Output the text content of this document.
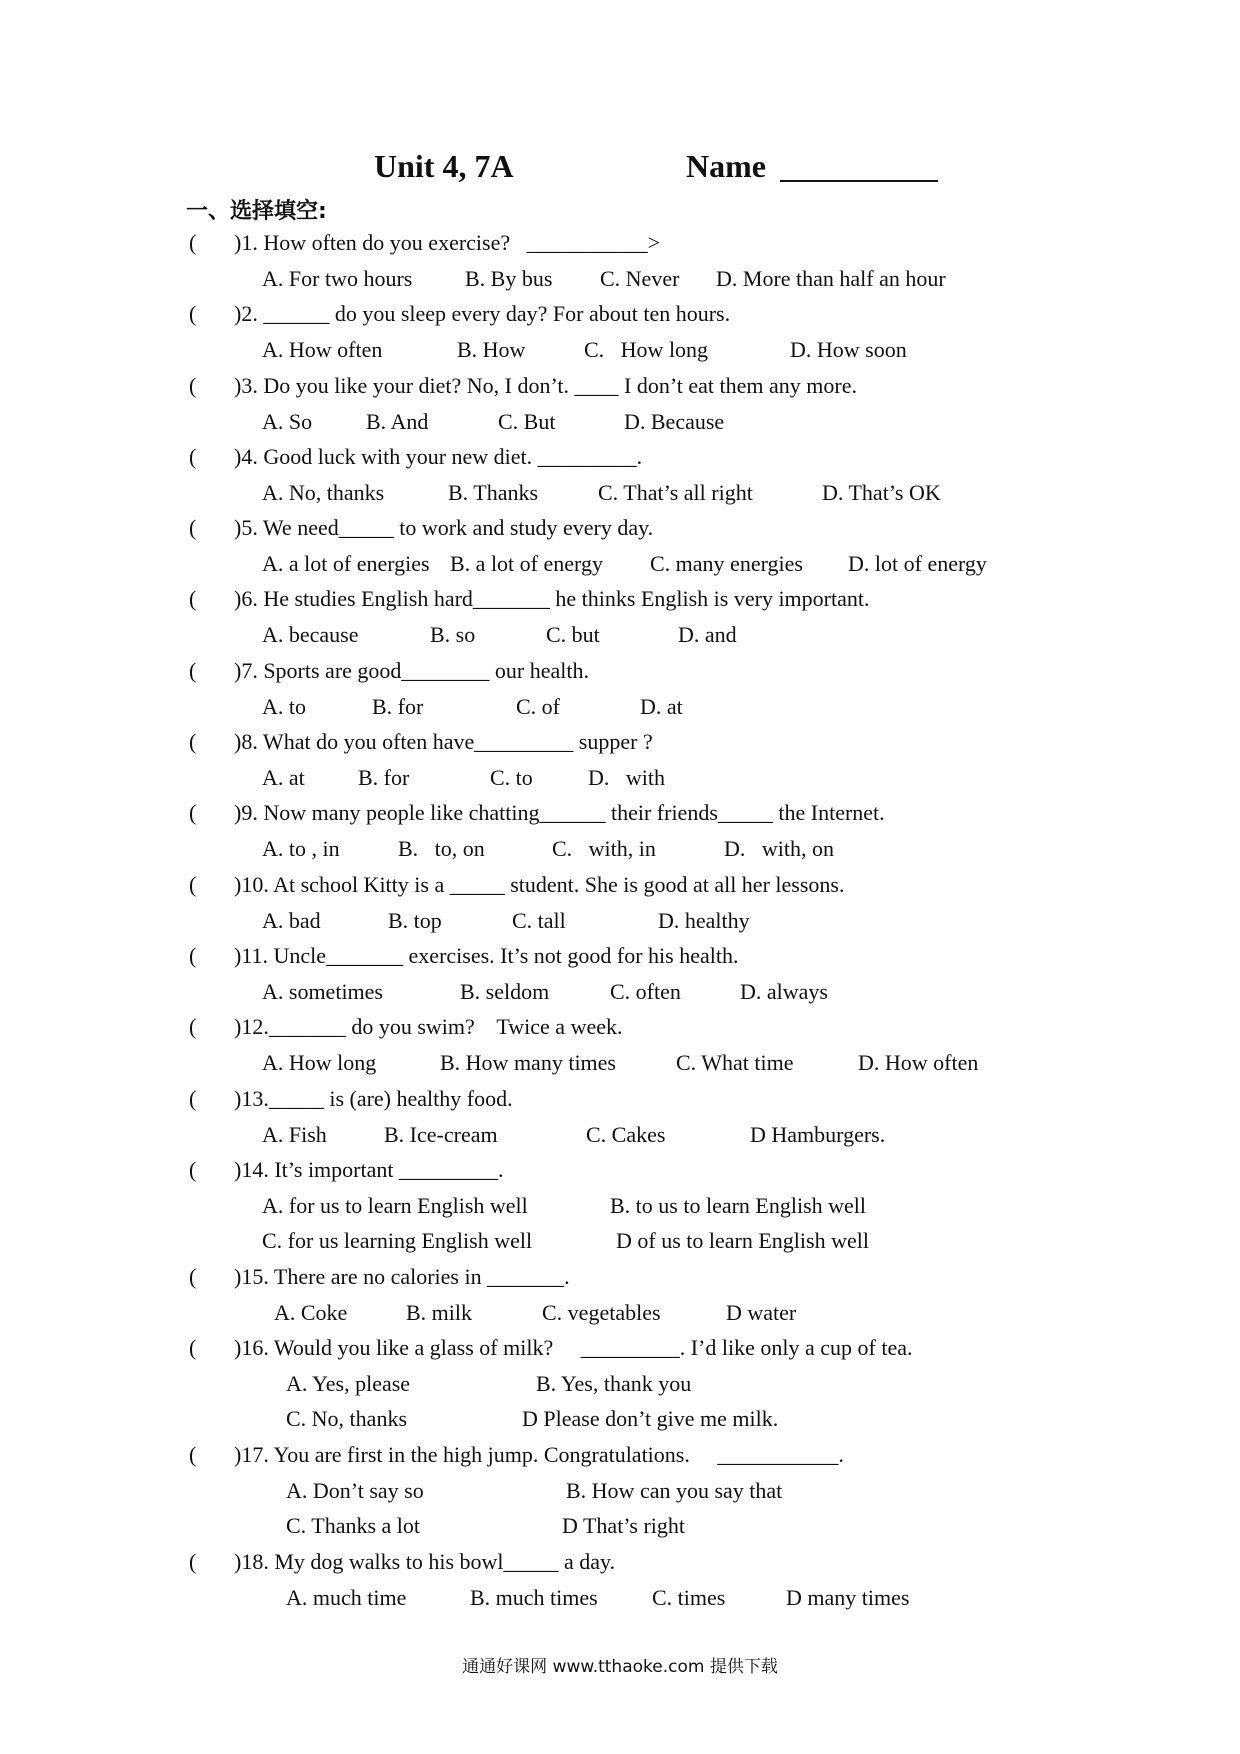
Unit 4, 7A	Name
一、选择填空:
( )1. How often do you exercise?   ___________>
A. For two hours B. By bus C. Never D. More than half an hour
( )2. ______ do you sleep every day? For about ten hours.
A. How often	B. How	C.   How long	D. How soon
( )3. Do you like your diet? No, I don’t. ____ I don’t eat them any more.
A. So B. And	C. But	D. Because
( )4. Good luck with your new diet. _________.
A. No, thanks	B. Thanks	C. That’s all right	D. That’s OK
( )5. We need_____ to work and study every day.
A. a lot of energies B. a lot of energy C. many energies D. lot of energy
( )6. He studies English hard_______ he thinks English is very important.
A. because	B. so	C. but	D. and
( )7. Sports are good________ our health.
A. to	B. for	C. of	D. at
( )8. What do you often have_________ supper ?
A. at B. for	C. to	D.   with
( )9. Now many people like chatting______ their friends_____ the Internet.
A. to , in	B.   to, on	C.   with, in	D.   with, on
( )10. At school Kitty is a _____ student. She is good at all her lessons.
A. bad	B. top	C. tall	D. healthy
( )11. Uncle_______ exercises. It’s not good for his health.
A. sometimes	B. seldom	C. often	D. always
( )12._______ do you swim?    Twice a week.
A. How long	B. How many times	C. What time	D. How often
( )13._____ is (are) healthy food.
A. Fish	B. Ice-cream	C. Cakes	D Hamburgers.
( )14. It’s important _________.
A. for us to learn English well	B. to us to learn English well
C. for us learning English well	D of us to learn English well
( )15. There are no calories in _______.
A. Coke	B. milk	C. vegetables	D water
( )16. Would you like a glass of milk?     _________. I’d like only a cup of tea.
A. Yes, please	B. Yes, thank you
C. No, thanks	D Please don’t give me milk.
( )17. You are first in the high jump. Congratulations.     ___________.
A. Don’t say so	B. How can you say that
C. Thanks a lot	D That’s right
( )18. My dog walks to his bowl_____ a day.
A. much time	B. much times C. times	D many times
通通好课网 www.tthaoke.com 提供下载
